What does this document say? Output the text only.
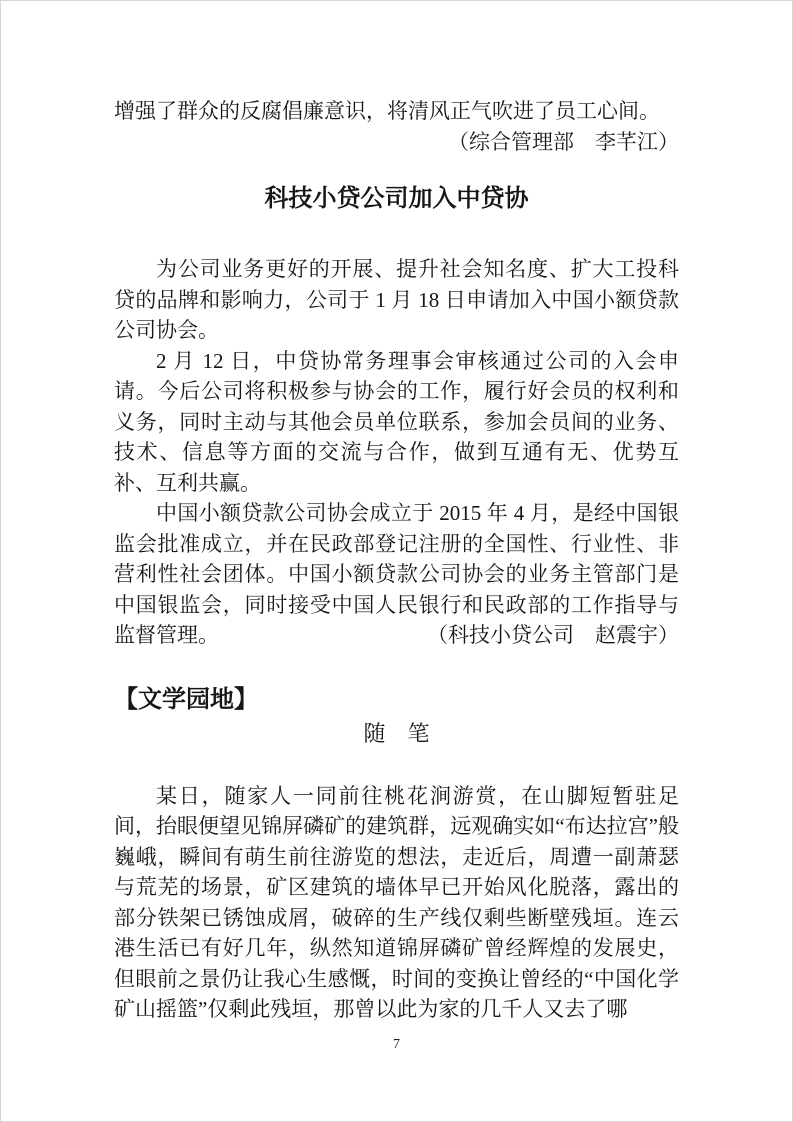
增强了群众的反腐倡廉意识，将清风正气吹进了员工心间。

（综合管理部　李芊江）

科技小贷公司加入中贷协

为公司业务更好的开展、提升社会知名度、扩大工投科贷的品牌和影响力，公司于 1 月 18 日申请加入中国小额贷款公司协会。

2 月 12 日，中贷协常务理事会审核通过公司的入会申请。今后公司将积极参与协会的工作，履行好会员的权利和义务，同时主动与其他会员单位联系，参加会员间的业务、技术、信息等方面的交流与合作，做到互通有无、优势互补、互利共赢。

中国小额贷款公司协会成立于 2015 年 4 月，是经中国银监会批准成立，并在民政部登记注册的全国性、行业性、非营利性社会团体。中国小额贷款公司协会的业务主管部门是中国银监会，同时接受中国人民银行和民政部的工作指导与监督管理。	（科技小贷公司　赵震宇）

【文学园地】
随　笔

某日，随家人一同前往桃花涧游赏，在山脚短暂驻足间，抬眼便望见锦屏磷矿的建筑群，远观确实如“布达拉宫”般巍峨，瞬间有萌生前往游览的想法，走近后，周遭一副萧瑟与荒芜的场景，矿区建筑的墙体早已开始风化脱落，露出的部分铁架已锈蚀成屑，破碎的生产线仅剩些断壁残垣。连云港生活已有好几年，纵然知道锦屏磷矿曾经辉煌的发展史，但眼前之景仍让我心生感慨，时间的变换让曾经的“中国化学矿山摇篮”仅剩此残垣，那曾以此为家的几千人又去了哪

7
